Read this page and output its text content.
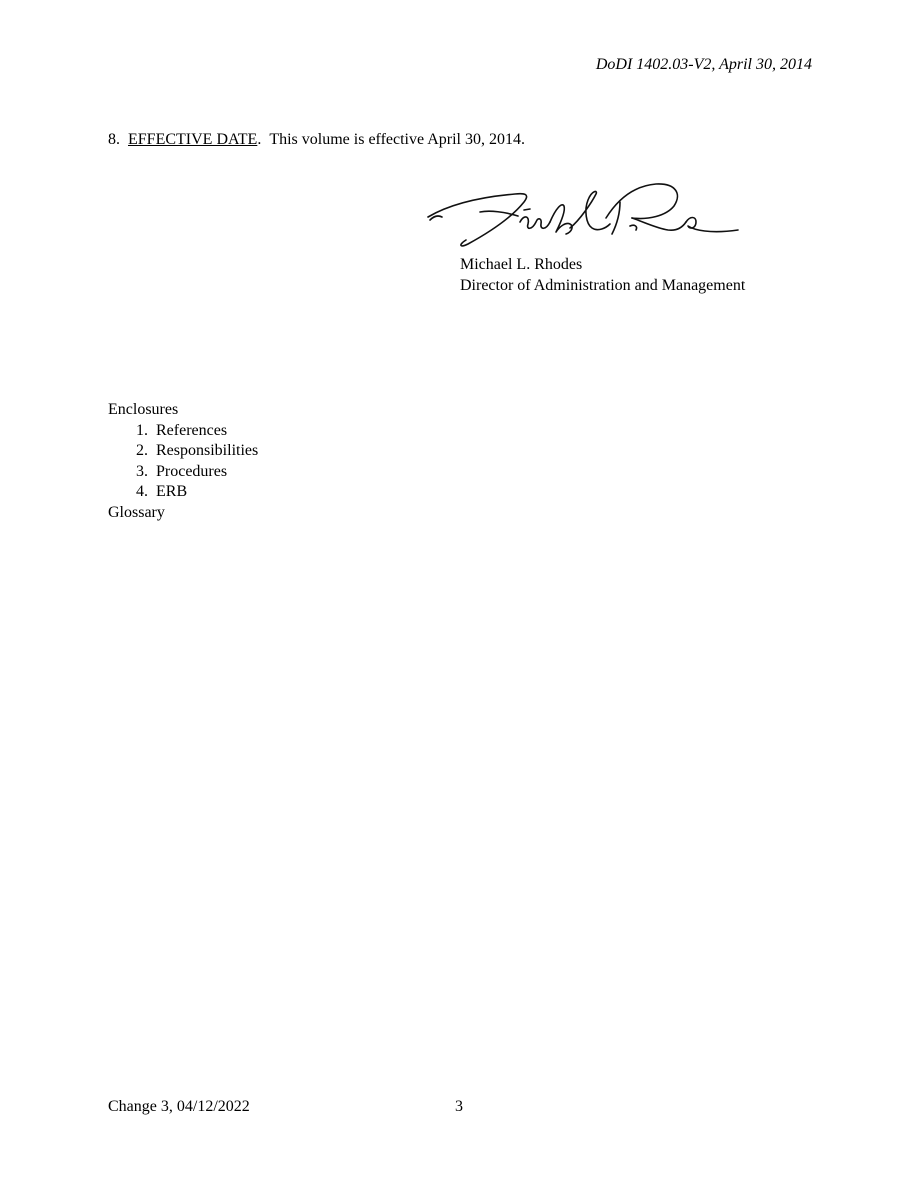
DoDI 1402.03-V2, April 30, 2014
8. EFFECTIVE DATE.  This volume is effective April 30, 2014.
Michael L. Rhodes
Director of Administration and Management
Enclosures
1. References
2. Responsibilities
3. Procedures
4. ERB
Glossary
Change 3, 04/12/2022	3
